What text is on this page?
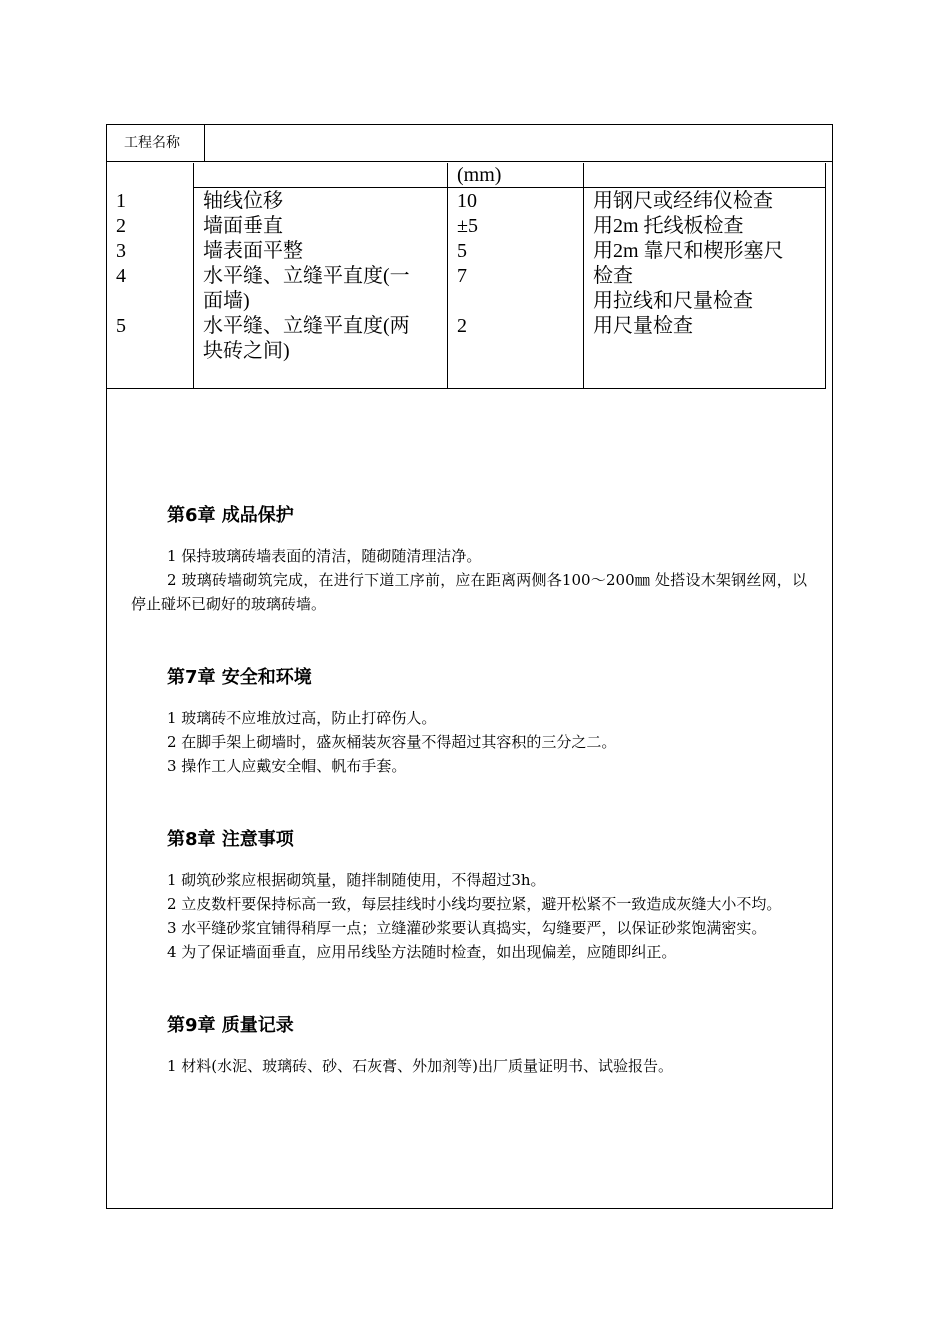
工程名称
(mm)
1
2
3
4

5
轴线位移
墙面垂直
墙表面平整
水平缝、立缝平直度(一
面墙)
水平缝、立缝平直度(两
块砖之间)
10
±5
5
7

2
用钢尺或经纬仪检查
用2m 托线板检查
用2m 靠尺和楔形塞尺
检查
用拉线和尺量检查
用尺量检查

第6章 成品保护

1 保持玻璃砖墙表面的清洁，随砌随清理洁净。

2 玻璃砖墙砌筑完成，在进行下道工序前，应在距离两侧各100～200㎜ 处搭设木架钢丝网，以停止碰坏已砌好的玻璃砖墙。

第7章 安全和环境

1 玻璃砖不应堆放过高，防止打碎伤人。

2 在脚手架上砌墙时，盛灰桶装灰容量不得超过其容积的三分之二。

3 操作工人应戴安全帽、帆布手套。

第8章 注意事项

1 砌筑砂浆应根据砌筑量，随拌制随使用，不得超过3h。

2 立皮数杆要保持标高一致，每层挂线时小线均要拉紧，避开松紧不一致造成灰缝大小不均。

3 水平缝砂浆宜铺得稍厚一点；立缝灌砂浆要认真捣实，勾缝要严，以保证砂浆饱满密实。

4 为了保证墙面垂直，应用吊线坠方法随时检查，如出现偏差，应随即纠正。

第9章 质量记录

1 材料(水泥、玻璃砖、砂、石灰膏、外加剂等)出厂质量证明书、试验报告。
